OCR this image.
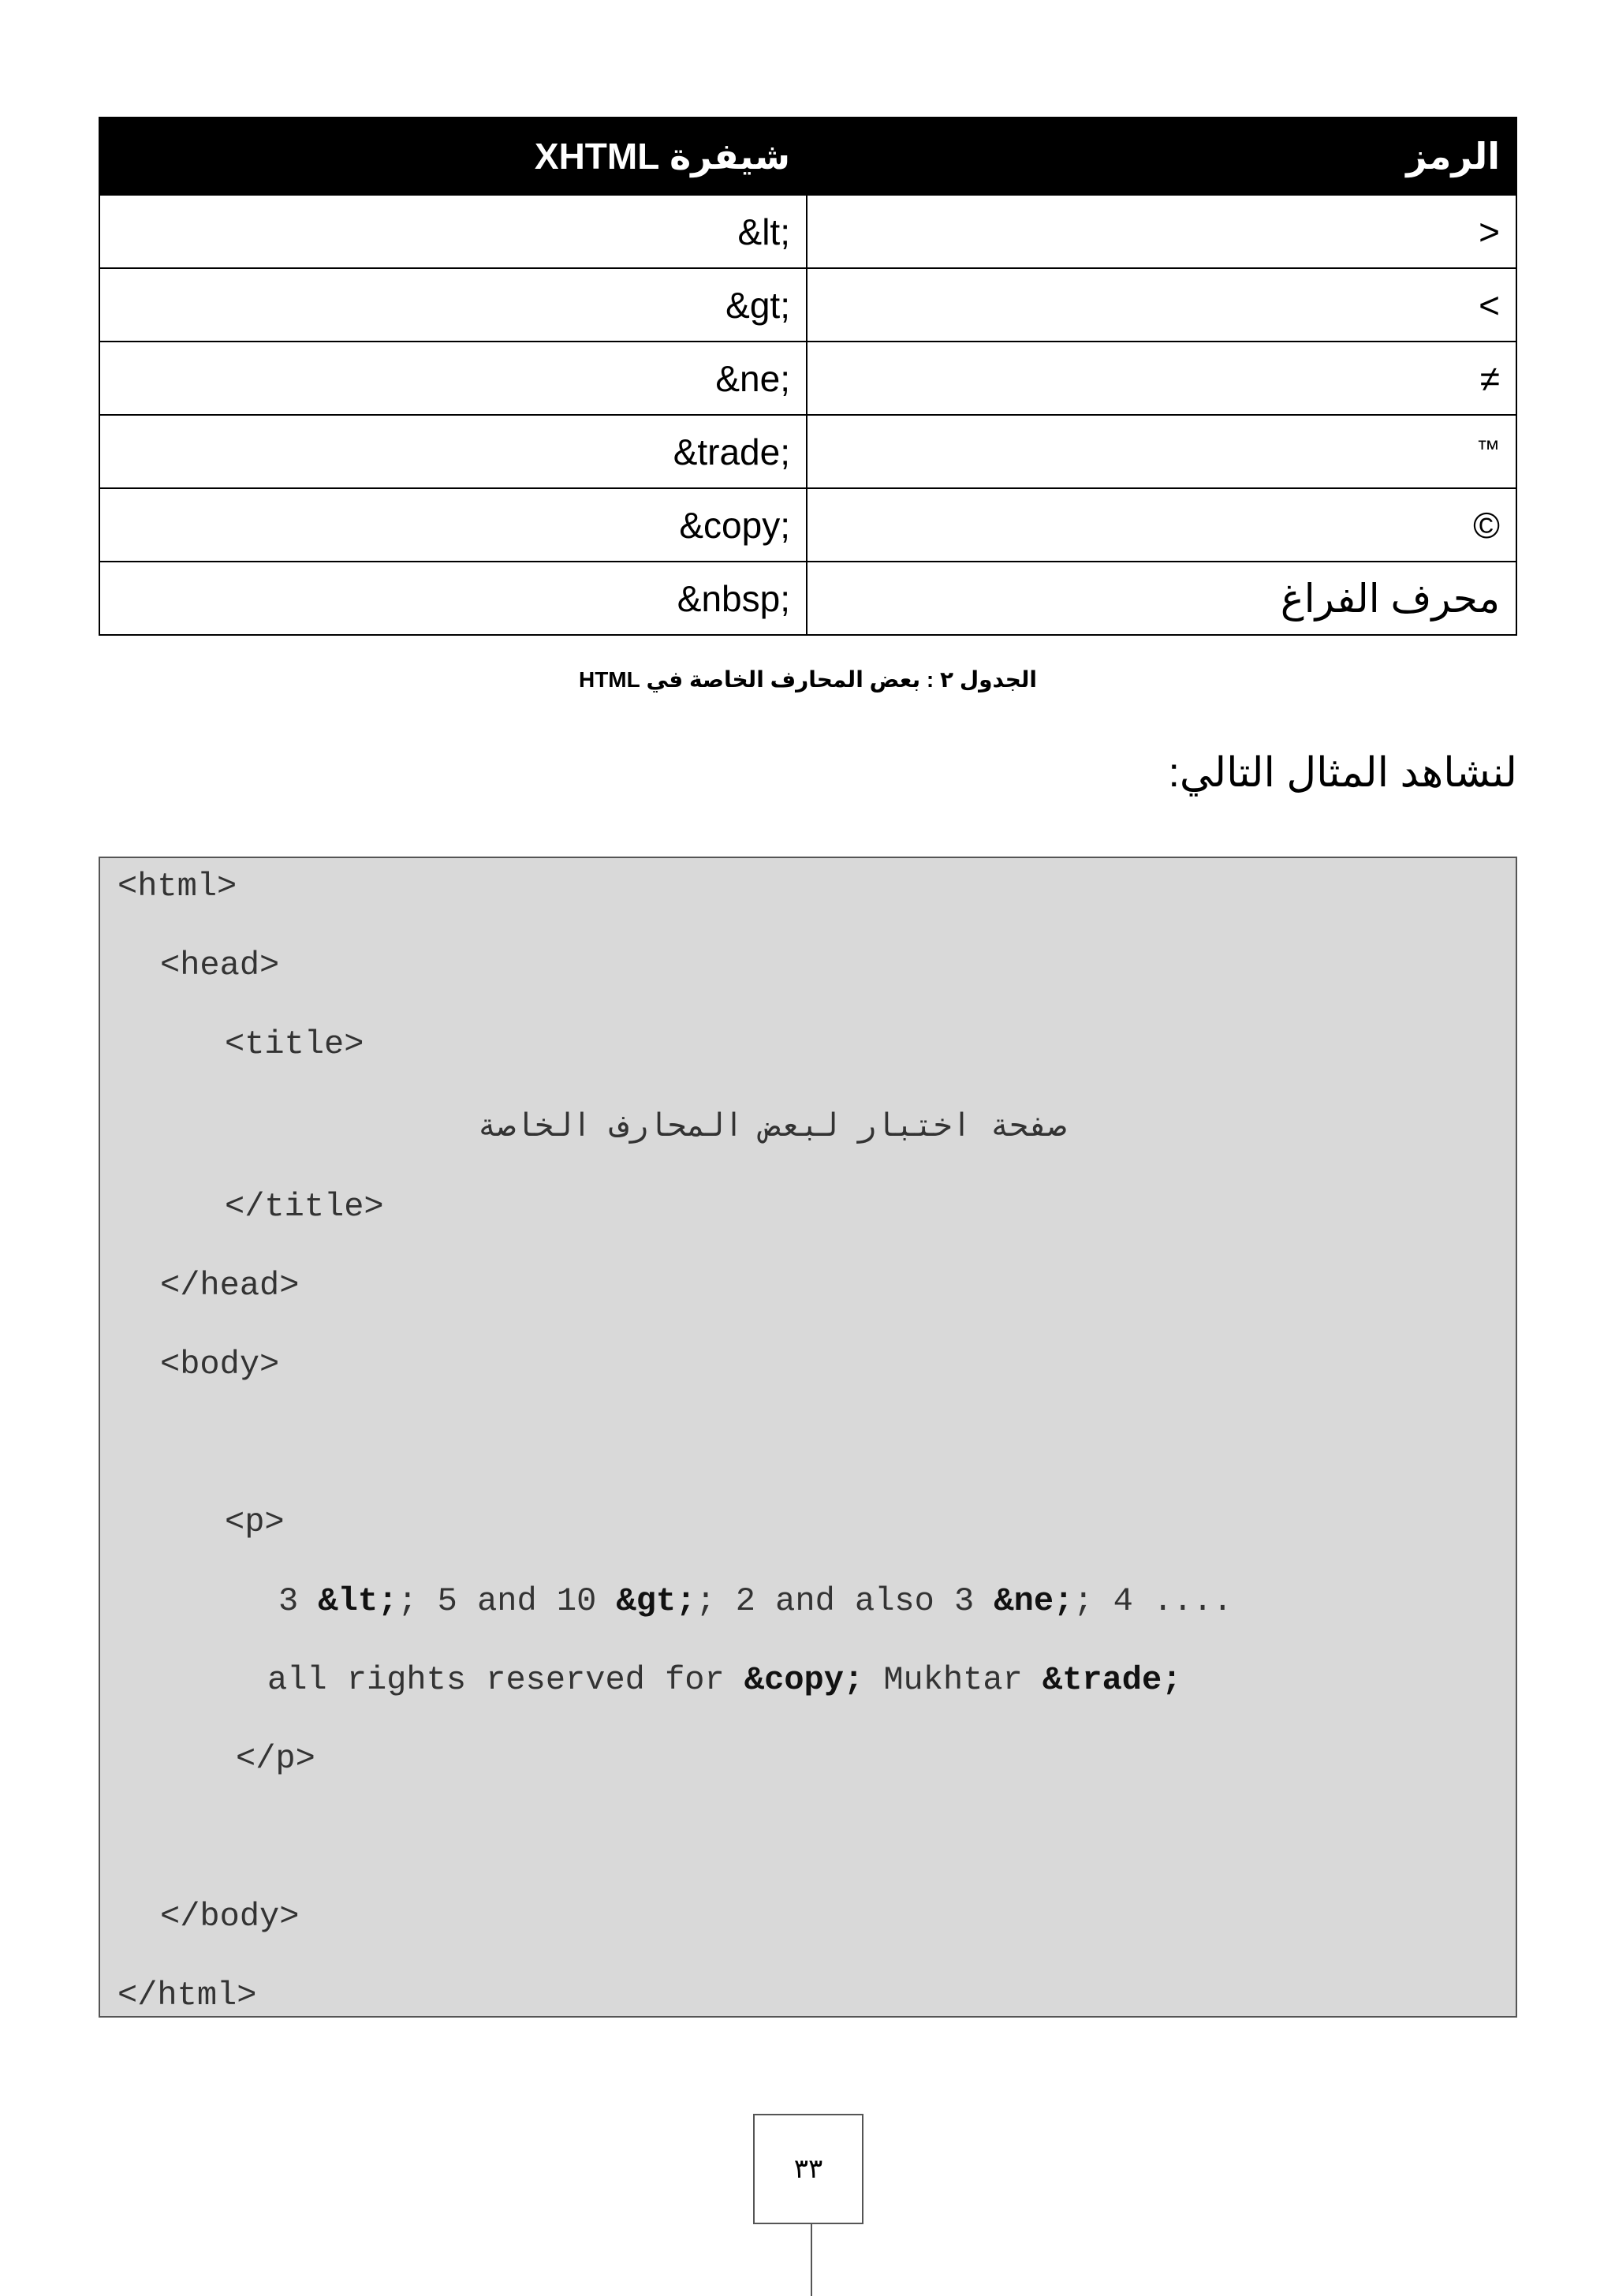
الرمز	شيفرة XHTML
<	&lt;
>	&gt;
≠	&ne;
™	&trade;
©	&copy;
محرف الفراغ	&nbsp;
الجدول ٢ : بعض المحارف الخاصة في HTML
لنشاهد المثال التالي:
<html>
<head>
<title>
صفحة اختبار لبعض المحارف الخاصة
</title>
</head>
<body>
<p>
3 &lt;; 5 and 10 &gt;; 2 and also 3 &ne;; 4 ....
all rights reserved for &copy; Mukhtar &trade;
</p>
</body>
</html>
٣٣
